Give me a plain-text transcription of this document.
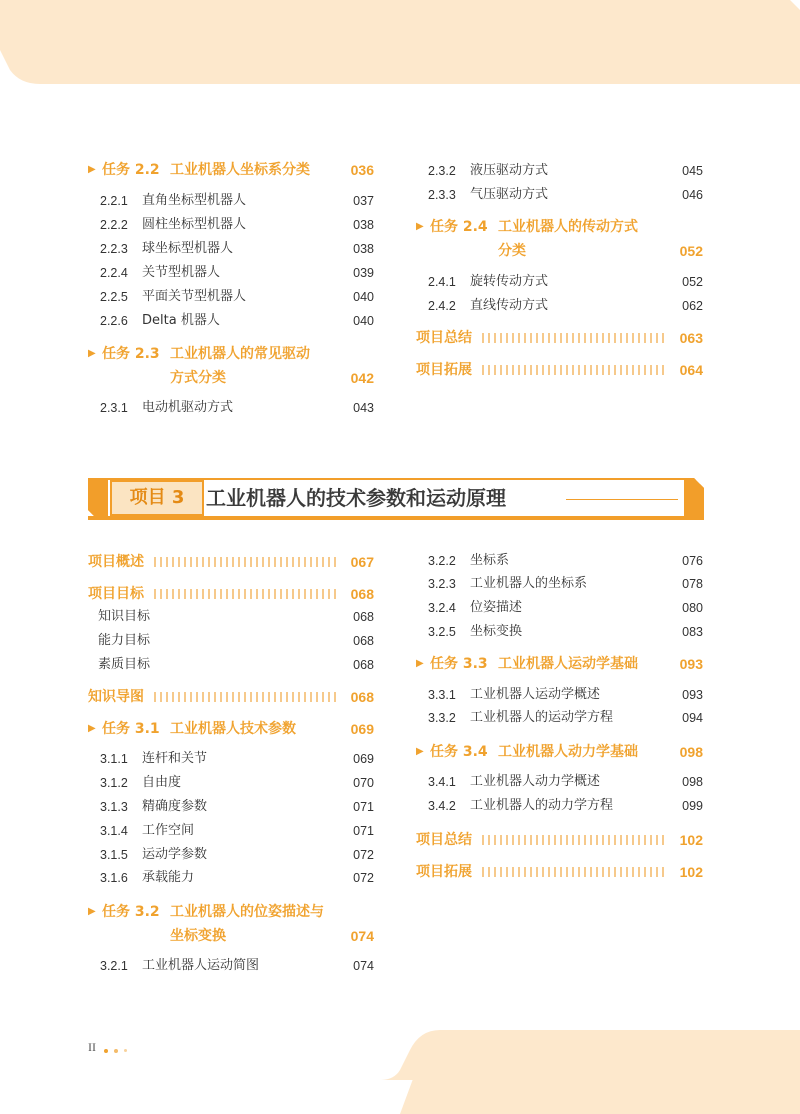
▶ 任务 2.2 工业机器人坐标系分类	036
2.2.1 直角坐标型机器人	037
2.2.2 圆柱坐标型机器人	038
2.2.3 球坐标型机器人	038
2.2.4 关节型机器人	039
2.2.5 平面关节型机器人	040
2.2.6 Delta 机器人	040
▶ 任务 2.3 工业机器人的常见驱动
方式分类	042
2.3.1 电动机驱动方式	043
2.3.2 液压驱动方式	045
2.3.3 气压驱动方式	046
▶ 任务 2.4 工业机器人的传动方式
分类	052
2.4.1 旋转传动方式	052
2.4.2 直线传动方式	062
项目总结	063
项目拓展	064
项目 3	工业机器人的技术参数和运动原理
项目概述	067
项目目标	068
知识目标	068
能力目标	068
素质目标	068
知识导图	068
▶ 任务 3.1 工业机器人技术参数	069
3.1.1 连杆和关节	069
3.1.2 自由度	070
3.1.3 精确度参数	071
3.1.4 工作空间	071
3.1.5 运动学参数	072
3.1.6 承载能力	072
▶ 任务 3.2 工业机器人的位姿描述与
坐标变换	074
3.2.1 工业机器人运动简图	074
3.2.2 坐标系	076
3.2.3 工业机器人的坐标系	078
3.2.4 位姿描述	080
3.2.5 坐标变换	083
▶ 任务 3.3 工业机器人运动学基础	093
3.3.1 工业机器人运动学概述	093
3.3.2 工业机器人的运动学方程	094
▶ 任务 3.4 工业机器人动力学基础	098
3.4.1 工业机器人动力学概述	098
3.4.2 工业机器人的动力学方程	099
项目总结	102
项目拓展	102
II
